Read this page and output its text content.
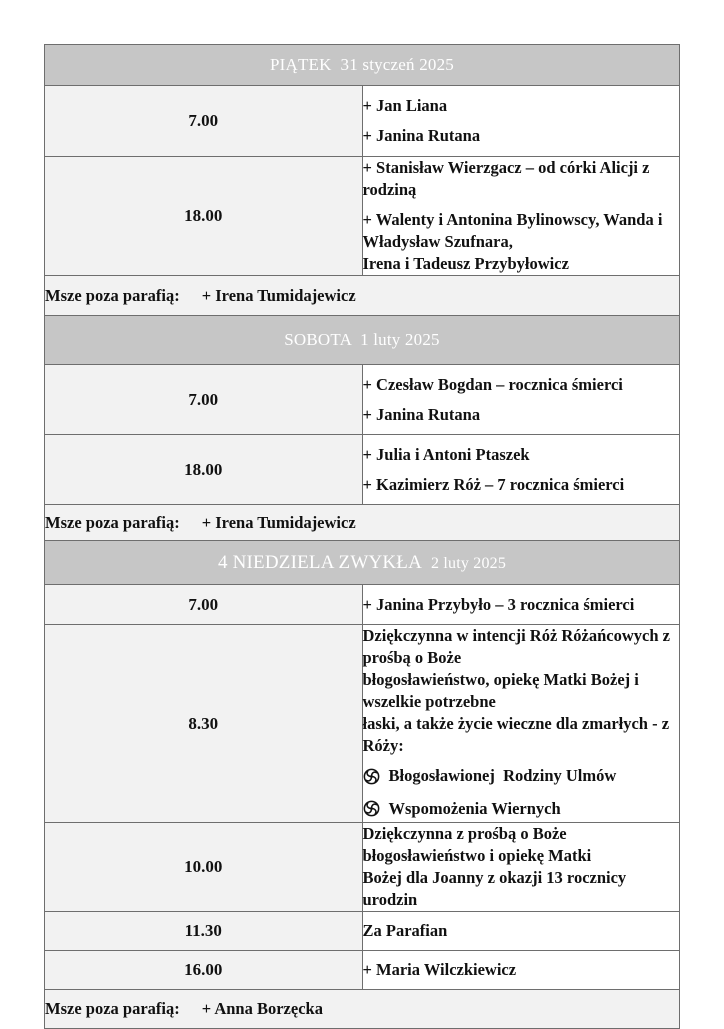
PIĄTEK  31 styczeń 2025	
7.00	+ Jan Liana
+ Janina Rutana

18.00	+ Stanisław Wierzgacz – od córki Alicji z rodziną
+ Walenty i Antonina Bylinowscy, Wanda i Władysław Szufnara,
Irena i Tadeusz Przybyłowicz

Msze poza parafią: + Irena Tumidajewicz	
SOBOTA  1 luty 2025	
7.00	+ Czesław Bogdan – rocznica śmierci
+ Janina Rutana

18.00	+ Julia i Antoni Ptaszek
+ Kazimierz Róż – 7 rocznica śmierci

Msze poza parafią: + Irena Tumidajewicz	
4 NIEDZIELA ZWYKŁA 2 luty 2025	
7.00	+ Janina Przybyło – 3 rocznica śmierci

8.30	Dziękczynna w intencji Róż Różańcowych z prośbą o Boże
błogosławieństwo, opiekę Matki Bożej i wszelkie potrzebne
łaski, a także życie wieczne dla zmarłych - z Róży:
Błogosławionej  Rodziny Ulmów

Wspomożenia Wiernych

10.00	Dziękczynna z prośbą o Boże błogosławieństwo i opiekę Matki
Bożej dla Joanny z okazji 13 rocznicy urodzin

11.30	Za Parafian

16.00	+ Maria Wilczkiewicz

Msze poza parafią: + Anna Borzęcka	
